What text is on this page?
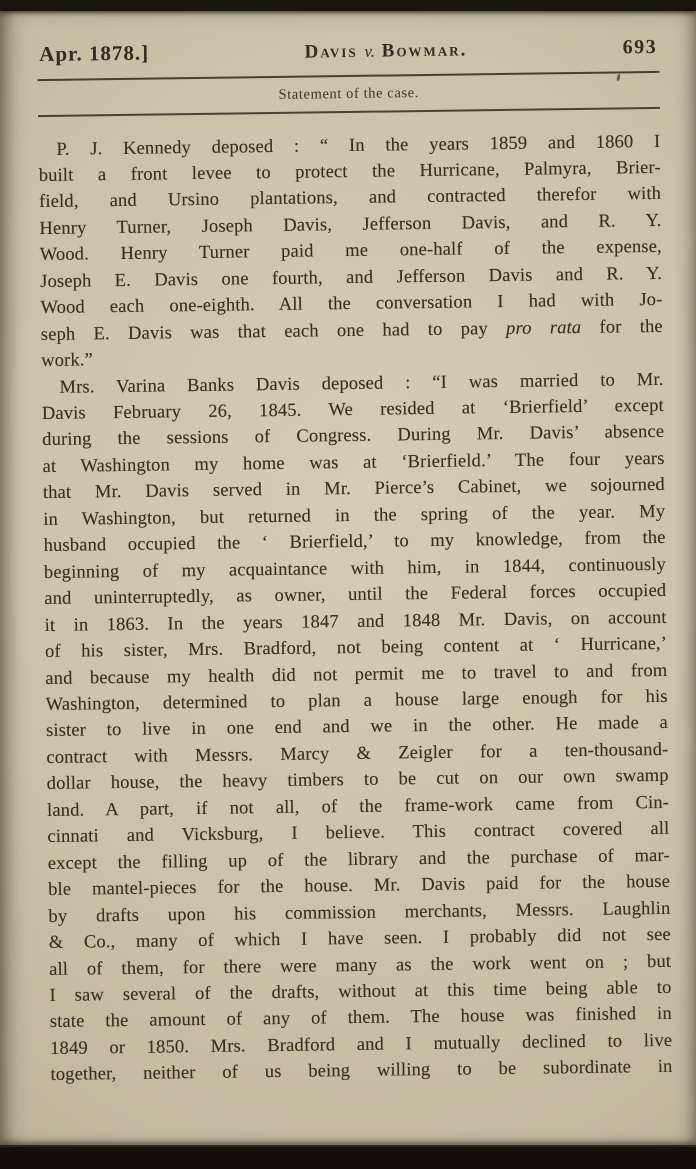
Apr. 1878.]	Davis v. Bowmar.	693
Statement of the case.
P. J. Kennedy deposed : “ In the years 1859 and 1860 I
built a front levee to protect the Hurricane, Palmyra, Brier-
field, and Ursino plantations, and contracted therefor with
Henry Turner, Joseph Davis, Jefferson Davis, and R. Y.
Wood. Henry Turner paid me one-half of the expense,
Joseph E. Davis one fourth, and Jefferson Davis and R. Y.
Wood each one-eighth. All the conversation I had with Jo-
seph E. Davis was that each one had to pay pro rata for the
work.”
Mrs. Varina Banks Davis deposed : “I was married to Mr.
Davis February 26, 1845. We resided at ‘Brierfield’ except
during the sessions of Congress. During Mr. Davis’ absence
at Washington my home was at ‘Brierfield.’ The four years
that Mr. Davis served in Mr. Pierce’s Cabinet, we sojourned
in Washington, but returned in the spring of the year. My
husband occupied the ‘ Brierfield,’ to my knowledge, from the
beginning of my acquaintance with him, in 1844, continuously
and uninterruptedly, as owner, until the Federal forces occupied
it in 1863. In the years 1847 and 1848 Mr. Davis, on account
of his sister, Mrs. Bradford, not being content at ‘ Hurricane,’
and because my health did not permit me to travel to and from
Washington, determined to plan a house large enough for his
sister to live in one end and we in the other. He made a
contract with Messrs. Marcy & Zeigler for a ten-thousand-
dollar house, the heavy timbers to be cut on our own swamp
land. A part, if not all, of the frame-work came from Cin-
cinnati and Vicksburg, I believe. This contract covered all
except the filling up of the library and the purchase of mar-
ble mantel-pieces for the house. Mr. Davis paid for the house
by drafts upon his commission merchants, Messrs. Laughlin
& Co., many of which I have seen. I probably did not see
all of them, for there were many as the work went on ; but
I saw several of the drafts, without at this time being able to
state the amount of any of them. The house was finished in
1849 or 1850. Mrs. Bradford and I mutually declined to live
together, neither of us being willing to be subordinate in
